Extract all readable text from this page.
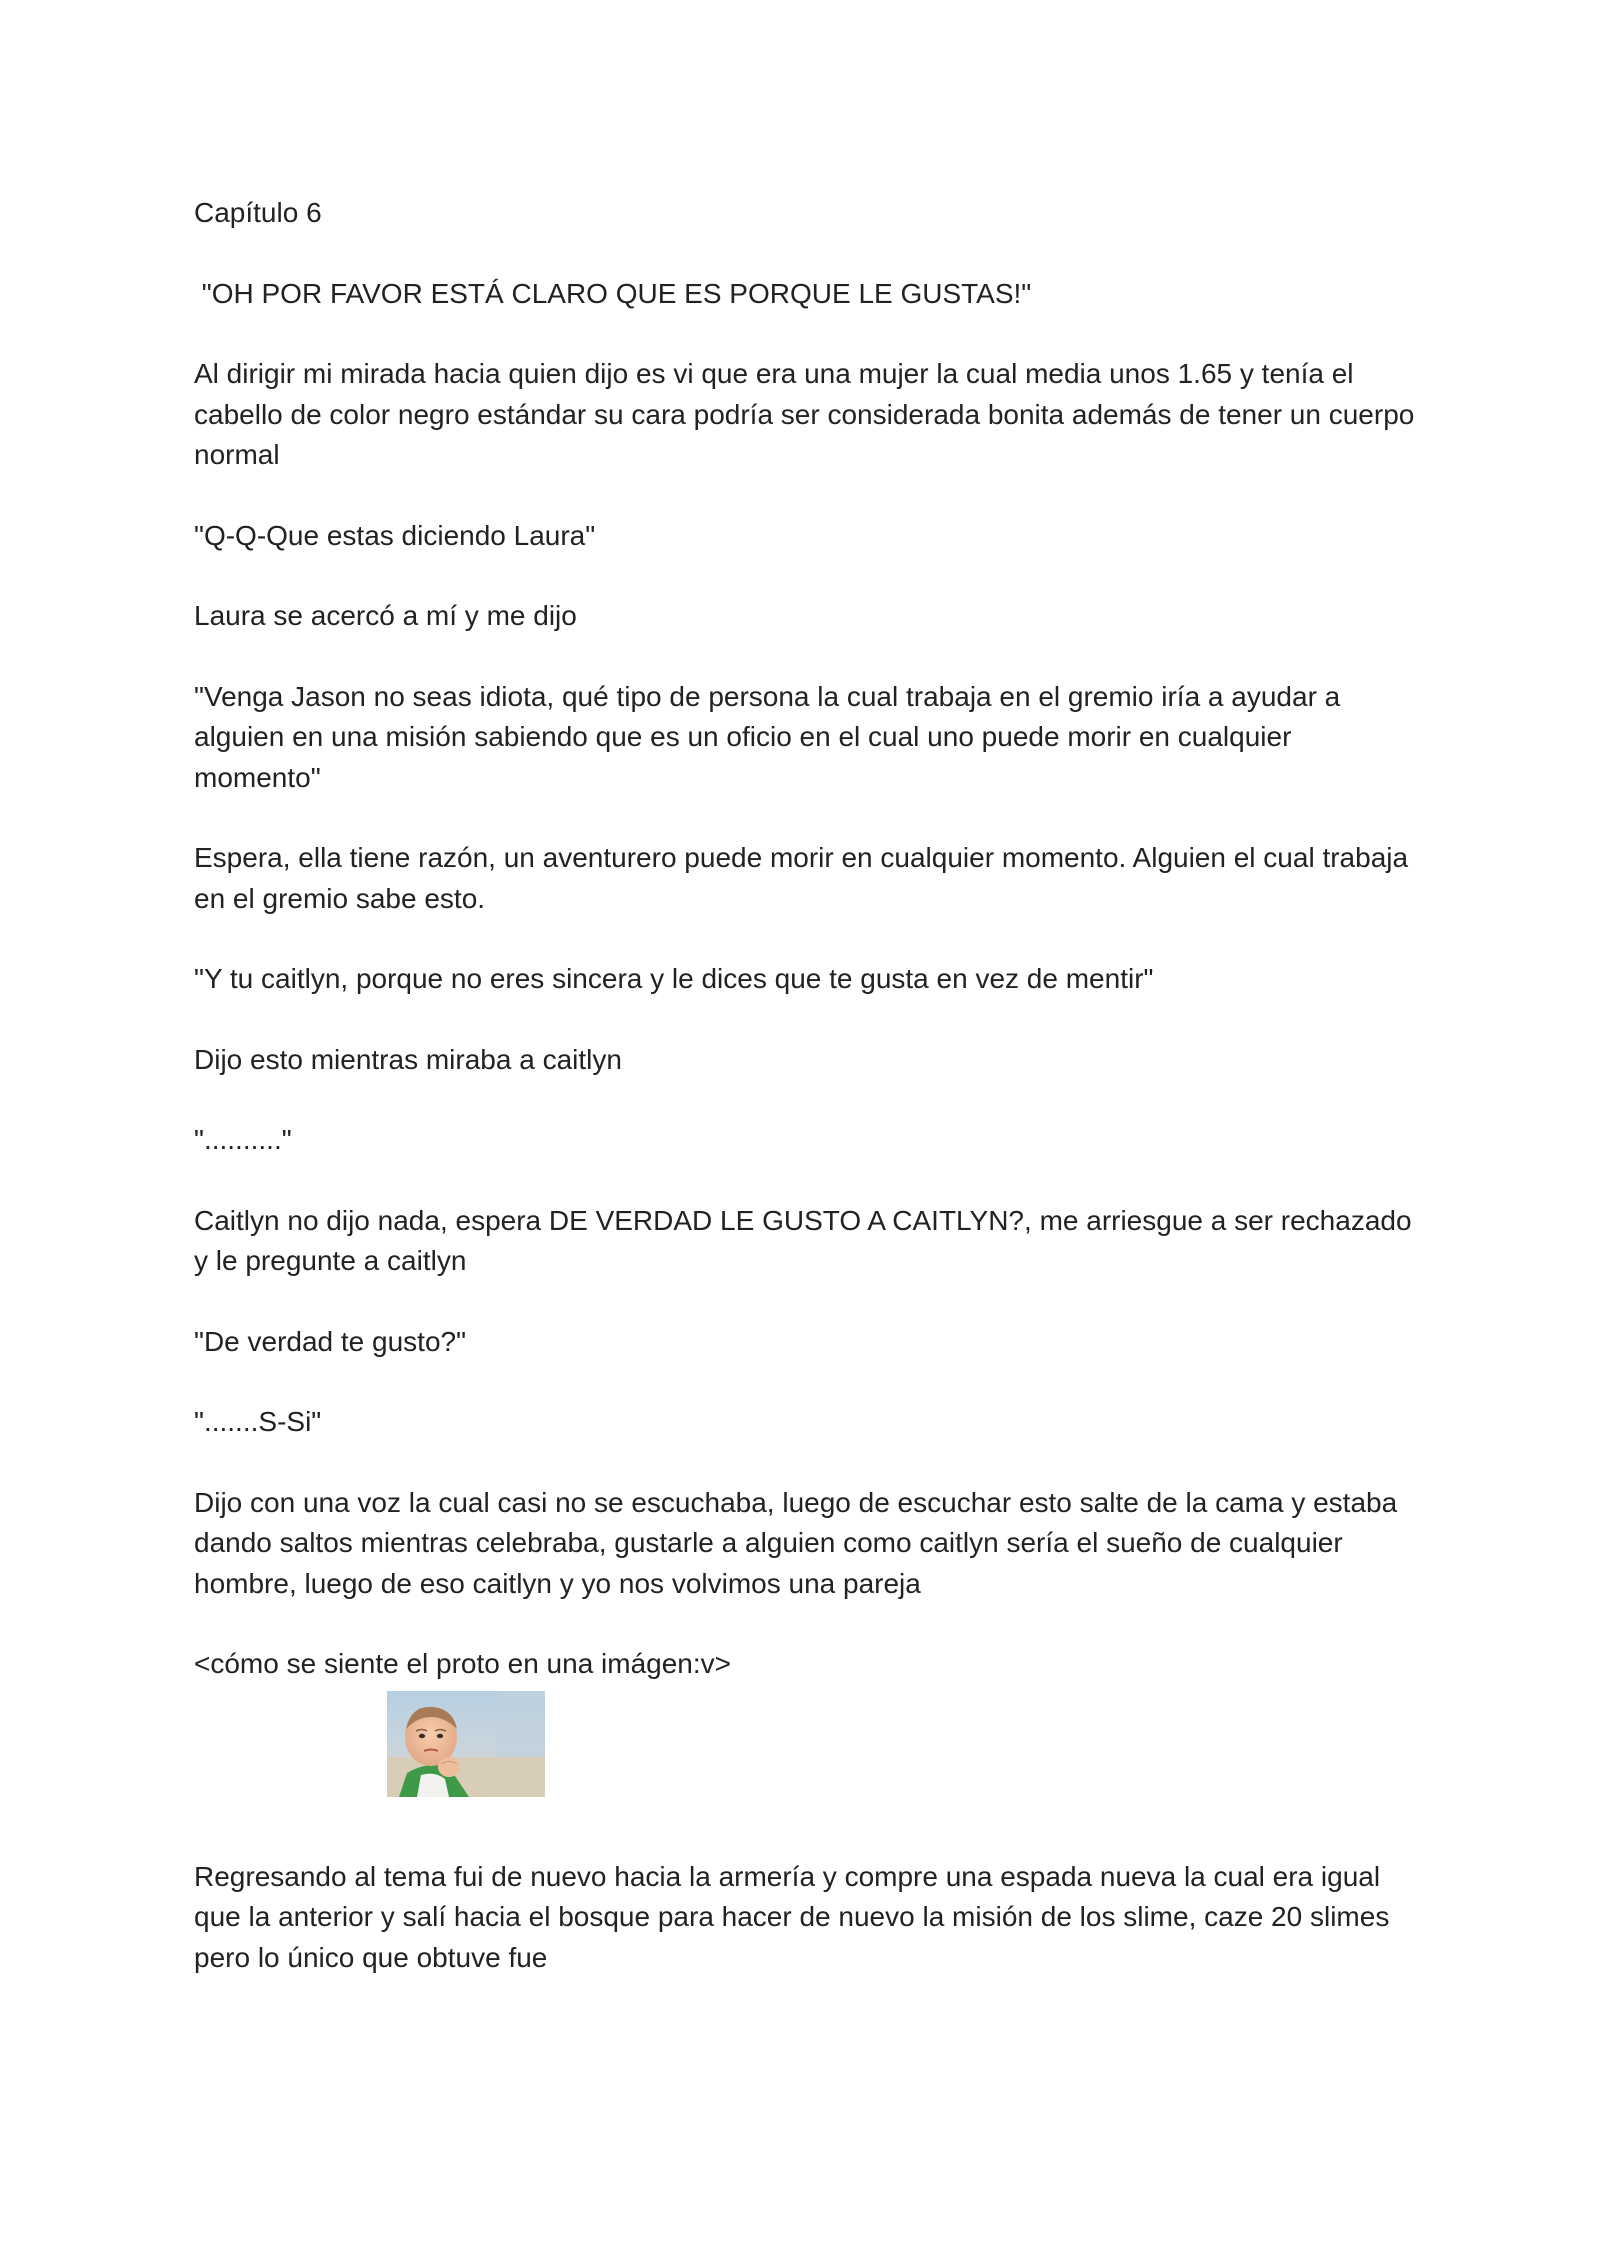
Capítulo 6

"OH POR FAVOR ESTÁ CLARO QUE ES PORQUE LE GUSTAS!"

Al dirigir mi mirada hacia quien dijo es vi que era una mujer la cual media unos 1.65 y tenía el cabello de color negro estándar su cara podría ser considerada bonita además de tener un cuerpo normal

"Q-Q-Que estas diciendo Laura"

Laura se acercó a mí y me dijo

"Venga Jason no seas idiota, qué tipo de persona la cual trabaja en el gremio iría a ayudar a alguien en una misión sabiendo que es un oficio en el cual uno puede morir en cualquier momento"

Espera, ella tiene razón, un aventurero puede morir en cualquier momento. Alguien el cual trabaja en el gremio sabe esto.

"Y tu caitlyn, porque no eres sincera y le dices que te gusta en vez de mentir"

Dijo esto mientras miraba a caitlyn

".........."

Caitlyn no dijo nada, espera DE VERDAD LE GUSTO A CAITLYN?, me arriesgue a ser rechazado y le pregunte a caitlyn

"De verdad te gusto?"

".......S-Si"

Dijo con una voz la cual casi no se escuchaba, luego de escuchar esto salte de la cama y estaba dando saltos mientras celebraba, gustarle a alguien como caitlyn sería el sueño de cualquier hombre, luego de eso caitlyn y yo nos volvimos una pareja

<cómo se siente el proto en una imágen:v>

Regresando al tema fui de nuevo hacia la armería y compre una espada nueva la cual era igual que la anterior y salí hacia el bosque para hacer de nuevo la misión de los slime, caze 20 slimes pero lo único que obtuve fue
